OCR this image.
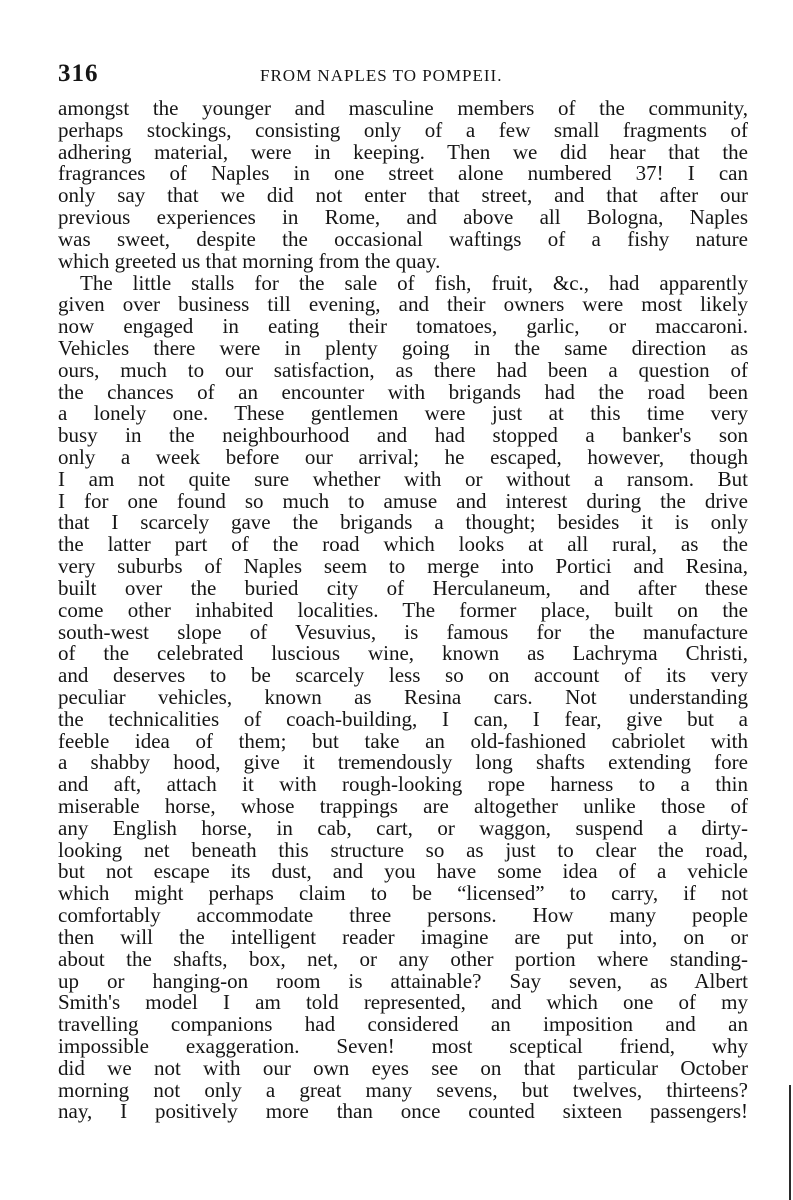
316	FROM NAPLES TO POMPEII.
amongst the younger and masculine members of the community,
perhaps stockings, consisting only of a few small fragments of
adhering material, were in keeping. Then we did hear that the
fragrances of Naples in one street alone numbered 37! I can
only say that we did not enter that street, and that after our
previous experiences in Rome, and above all Bologna, Naples
was sweet, despite the occasional waftings of a fishy nature
which greeted us that morning from the quay.
The little stalls for the sale of fish, fruit, &c., had apparently
given over business till evening, and their owners were most likely
now engaged in eating their tomatoes, garlic, or maccaroni.
Vehicles there were in plenty going in the same direction as
ours, much to our satisfaction, as there had been a question of
the chances of an encounter with brigands had the road been
a lonely one. These gentlemen were just at this time very
busy in the neighbourhood and had stopped a banker's son
only a week before our arrival; he escaped, however, though
I am not quite sure whether with or without a ransom. But
I for one found so much to amuse and interest during the drive
that I scarcely gave the brigands a thought; besides it is only
the latter part of the road which looks at all rural, as the
very suburbs of Naples seem to merge into Portici and Resina,
built over the buried city of Herculaneum, and after these
come other inhabited localities. The former place, built on the
south-west slope of Vesuvius, is famous for the manufacture
of the celebrated luscious wine, known as Lachryma Christi,
and deserves to be scarcely less so on account of its very
peculiar vehicles, known as Resina cars. Not understanding
the technicalities of coach-building, I can, I fear, give but a
feeble idea of them; but take an old-fashioned cabriolet with
a shabby hood, give it tremendously long shafts extending fore
and aft, attach it with rough-looking rope harness to a thin
miserable horse, whose trappings are altogether unlike those of
any English horse, in cab, cart, or waggon, suspend a dirty-
looking net beneath this structure so as just to clear the road,
but not escape its dust, and you have some idea of a vehicle
which might perhaps claim to be “licensed” to carry, if not
comfortably accommodate three persons. How many people
then will the intelligent reader imagine are put into, on or
about the shafts, box, net, or any other portion where standing-
up or hanging-on room is attainable? Say seven, as Albert
Smith's model I am told represented, and which one of my
travelling companions had considered an imposition and an
impossible exaggeration. Seven! most sceptical friend, why
did we not with our own eyes see on that particular October
morning not only a great many sevens, but twelves, thirteens?
nay, I positively more than once counted sixteen passengers!
